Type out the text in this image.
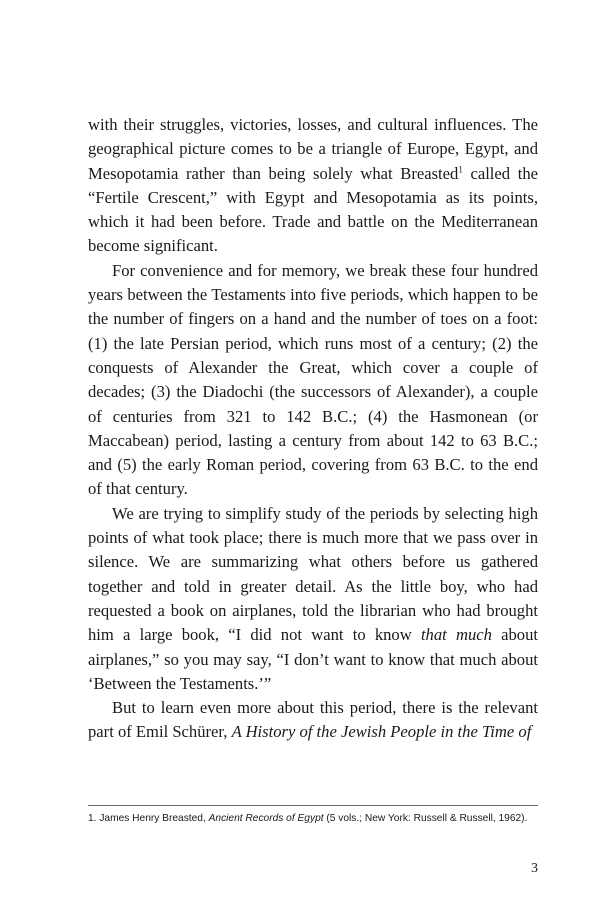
with their struggles, victories, losses, and cultural influences. The geographical picture comes to be a triangle of Europe, Egypt, and Mesopotamia rather than being solely what Breasted$^1$ called the “Fertile Crescent,” with Egypt and Mesopotamia as its points, which it had been before. Trade and battle on the Mediterranean become significant.

For convenience and for memory, we break these four hundred years between the Testaments into five periods, which happen to be the number of fingers on a hand and the number of toes on a foot: (1) the late Persian period, which runs most of a century; (2) the conquests of Alexander the Great, which cover a couple of decades; (3) the Diadochi (the successors of Alexander), a couple of centuries from 321 to 142 B.C.; (4) the Hasmonean (or Maccabean) period, lasting a century from about 142 to 63 B.C.; and (5) the early Roman period, covering from 63 B.C. to the end of that century.

We are trying to simplify study of the periods by selecting high points of what took place; there is much more that we pass over in silence. We are summarizing what others before us gathered together and told in greater detail. As the little boy, who had requested a book on airplanes, told the librarian who had brought him a large book, “I did not want to know that much about airplanes,” so you may say, “I don’t want to know that much about ‘Between the Testaments.’”

But to learn even more about this period, there is the relevant part of Emil Schürer, A History of the Jewish People in the Time of

1. James Henry Breasted, Ancient Records of Egypt (5 vols.; New York: Russell & Russell, 1962).

3
